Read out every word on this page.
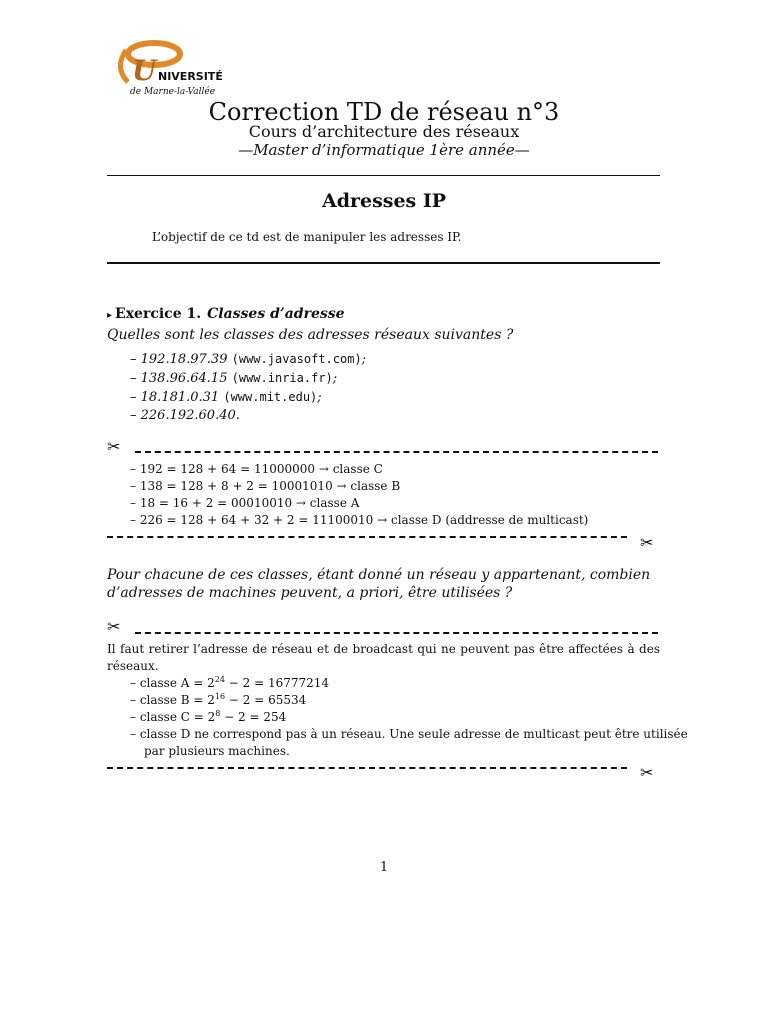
U NIVERSITÉ
de Marne-la-Vallée
Correction TD de réseau n°3
Cours d’architecture des réseaux
—Master d’informatique 1ère année—
Adresses IP
L’objectif de ce td est de manipuler les adresses IP.
▸ Exercice 1. Classes d’adresse
Quelles sont les classes des adresses réseaux suivantes ?
– 192.18.97.39 (www.javasoft.com);
– 138.96.64.15 (www.inria.fr);
– 18.181.0.31 (www.mit.edu);
– 226.192.60.40.
✂
– 192 = 128 + 64 = 11000000 → classe C
– 138 = 128 + 8 + 2 = 10001010 → classe B
– 18 = 16 + 2 = 00010010 → classe A
– 226 = 128 + 64 + 32 + 2 = 11100010 → classe D (addresse de multicast)
✂
Pour chacune de ces classes, étant donné un réseau y appartenant, combien d’adresses de machines peuvent, a priori, être utilisées ?
✂
Il faut retirer l’adresse de réseau et de broadcast qui ne peuvent pas être affectées à des réseaux.
– classe $A = 2^{24} - 2 = 16777214$
– classe $B = 2^{16} - 2 = 65534$
– classe $C = 2^8 - 2 = 254$
– classe D ne correspond pas à un réseau. Une seule adresse de multicast peut être utilisée
par plusieurs machines.
✂
1
